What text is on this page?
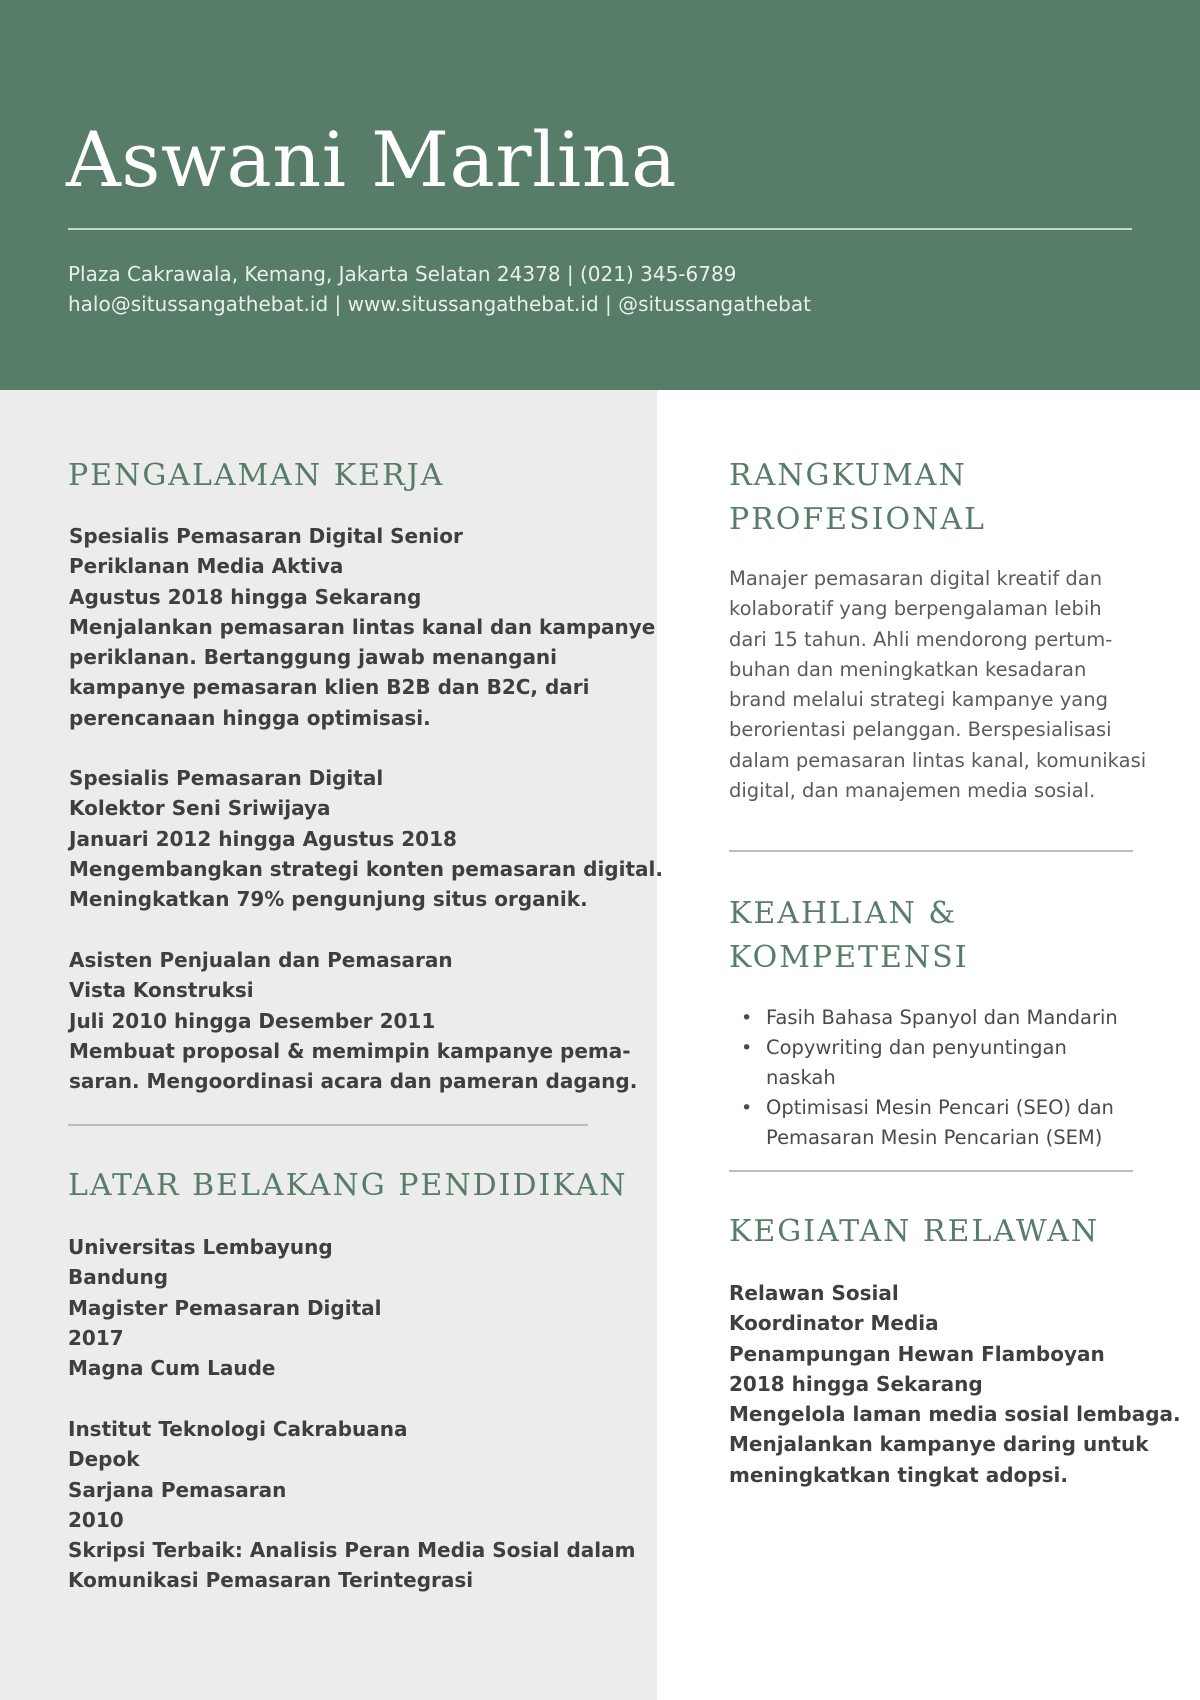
Aswani Marlina
Plaza Cakrawala, Kemang, Jakarta Selatan 24378 | (021) 345-6789
halo@situssangathebat.id | www.situssangathebat.id | @situssangathebat
PENGALAMAN KERJA
Spesialis Pemasaran Digital Senior
Periklanan Media Aktiva
Agustus 2018 hingga Sekarang
Menjalankan pemasaran lintas kanal dan kampanye
periklanan. Bertanggung jawab menangani
kampanye pemasaran klien B2B dan B2C, dari
perencanaan hingga optimisasi.
Spesialis Pemasaran Digital
Kolektor Seni Sriwijaya
Januari 2012 hingga Agustus 2018
Mengembangkan strategi konten pemasaran digital.
Meningkatkan 79% pengunjung situs organik.
Asisten Penjualan dan Pemasaran
Vista Konstruksi
Juli 2010 hingga Desember 2011
Membuat proposal & memimpin kampanye pema-
saran. Mengoordinasi acara dan pameran dagang.
LATAR BELAKANG PENDIDIKAN
Universitas Lembayung
Bandung
Magister Pemasaran Digital
2017
Magna Cum Laude
Institut Teknologi Cakrabuana
Depok
Sarjana Pemasaran
2010
Skripsi Terbaik: Analisis Peran Media Sosial dalam
Komunikasi Pemasaran Terintegrasi
RANGKUMAN
PROFESIONAL
Manajer pemasaran digital kreatif dan
kolaboratif yang berpengalaman lebih
dari 15 tahun. Ahli mendorong pertum-
buhan dan meningkatkan kesadaran
brand melalui strategi kampanye yang
berorientasi pelanggan. Berspesialisasi
dalam pemasaran lintas kanal, komunikasi
digital, dan manajemen media sosial.
KEAHLIAN &
KOMPETENSI
• Fasih Bahasa Spanyol dan Mandarin
• Copywriting dan penyuntingan
naskah
• Optimisasi Mesin Pencari (SEO) dan
Pemasaran Mesin Pencarian (SEM)
KEGIATAN RELAWAN
Relawan Sosial
Koordinator Media
Penampungan Hewan Flamboyan
2018 hingga Sekarang
Mengelola laman media sosial lembaga.
Menjalankan kampanye daring untuk
meningkatkan tingkat adopsi.
